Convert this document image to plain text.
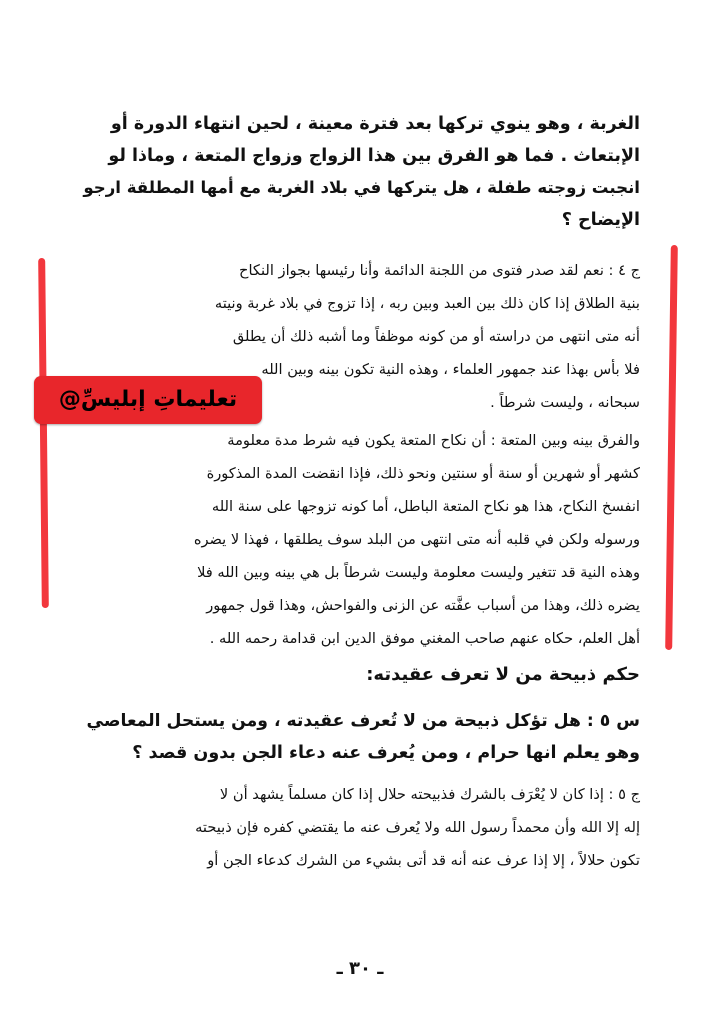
الغربة ، وهو ينوي تركها بعد فترة معينة ، لحين انتهاء الدورة أو
الإبتعاث . فما هو الفرق بين هذا الزواج وزواج المتعة ، وماذا لو
انجبت زوجته طفلة ، هل يتركها في بلاد الغربة مع أمها المطلقة ارجو
الإيضاح ؟
ج ٤ : نعم لقد صدر فتوى من اللجنة الدائمة وأنا رئيسها بجواز النكاح
بنية الطلاق إذا كان ذلك بين العبد وبين ربه ، إذا تزوج في بلاد غربة ونيته
أنه متى انتهى من دراسته أو من كونه موظفاً وما أشبه ذلك أن يطلق
فلا بأس بهذا عند جمهور العلماء ، وهذه النية تكون بينه وبين الله
سبحانه ، وليست شرطاً .
والفرق بينه وبين المتعة : أن نكاح المتعة يكون فيه شرط مدة معلومة
كشهر أو شهرين أو سنة أو سنتين ونحو ذلك، فإذا انقضت المدة المذكورة
انفسخ النكاح، هذا هو نكاح المتعة الباطل، أما كونه تزوجها على سنة الله
ورسوله ولكن في قلبه أنه متى انتهى من البلد سوف يطلقها ، فهذا لا يضره
وهذه النية قد تتغير وليست معلومة وليست شرطاً بل هي بينه وبين الله فلا
يضره ذلك، وهذا من أسباب عفَّته عن الزنى والفواحش، وهذا قول جمهور
أهل العلم، حكاه عنهم صاحب المغني موفق الدين ابن قدامة رحمه الله .
حكم ذبيحة من لا تعرف عقيدته:
س ٥ : هل تؤكل ذبيحة من لا تُعرف عقيدته ، ومن يستحل المعاصي
وهو يعلم انها حرام ، ومن يُعرف عنه دعاء الجن بدون قصد ؟
ج ٥ : إذا كان لا يُعْرَف بالشرك فذبيحته حلال إذا كان مسلماً يشهد أن لا
إله إلا الله وأن محمداً رسول الله ولا يُعرف عنه ما يقتضي كفره فإن ذبيحته
تكون حلالاً ، إلا إذا عرف عنه أنه قد أتى بشيء من الشرك كدعاء الجن أو
@تعليماتِ إبليسِّ
ـ ٣٠ ـ
